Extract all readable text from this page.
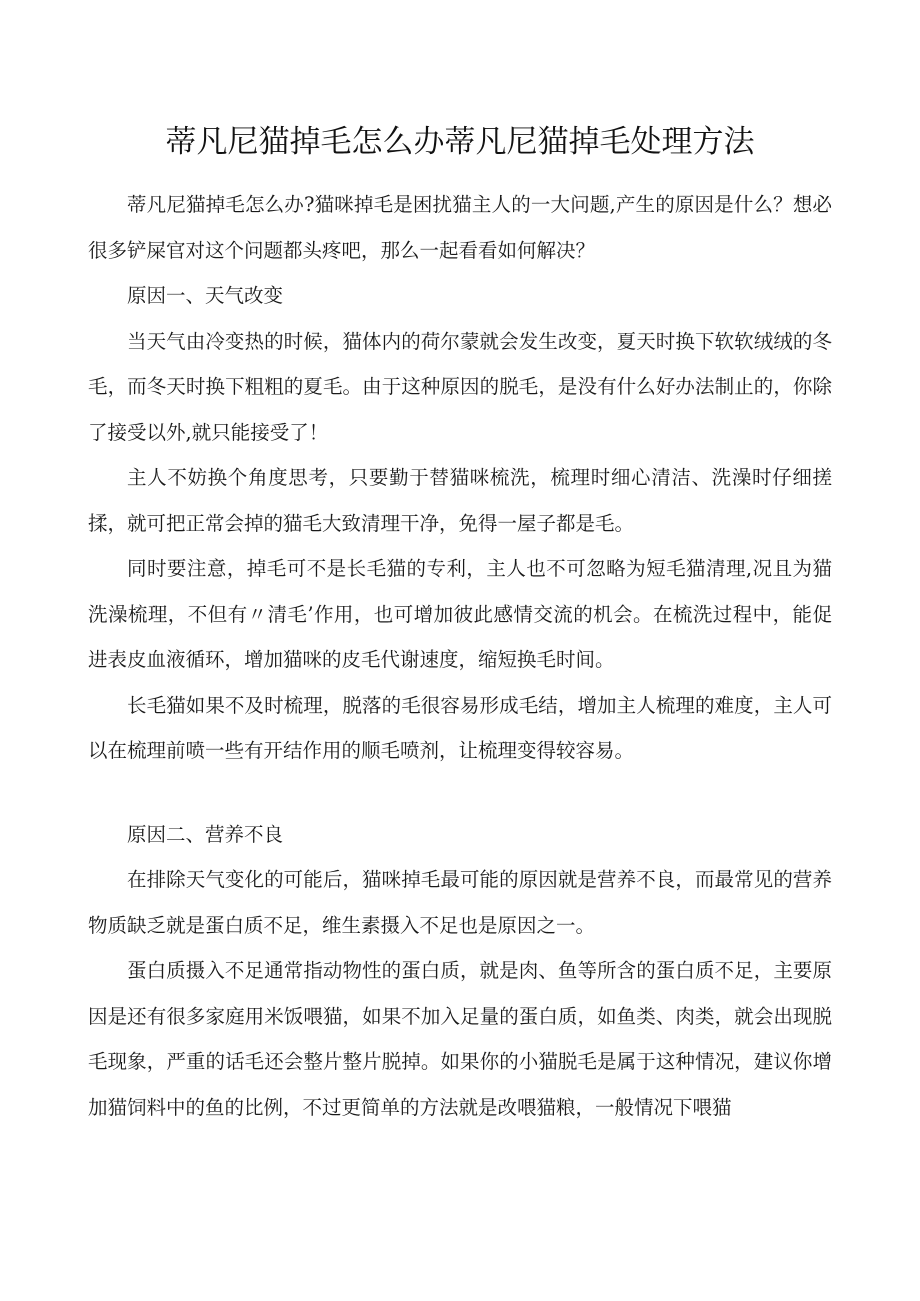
蒂凡尼猫掉毛怎么办蒂凡尼猫掉毛处理方法

蒂凡尼猫掉毛怎么办?猫咪掉毛是困扰猫主人的一大问题,产生的原因是什么？想必很多铲屎官对这个问题都头疼吧，那么一起看看如何解决？

原因一、天气改变

当天气由冷变热的时候，猫体内的荷尔蒙就会发生改变，夏天时换下软软绒绒的冬毛，而冬天时换下粗粗的夏毛。由于这种原因的脱毛，是没有什么好办法制止的，你除了接受以外,就只能接受了！

主人不妨换个角度思考，只要勤于替猫咪梳洗，梳理时细心清洁、洗澡时仔细搓揉，就可把正常会掉的猫毛大致清理干净，免得一屋子都是毛。

同时要注意，掉毛可不是长毛猫的专利，主人也不可忽略为短毛猫清理,况且为猫洗澡梳理，不但有〃清毛’作用，也可增加彼此感情交流的机会。在梳洗过程中，能促进表皮血液循环，增加猫咪的皮毛代谢速度，缩短换毛时间。

长毛猫如果不及时梳理，脱落的毛很容易形成毛结，增加主人梳理的难度，主人可以在梳理前喷一些有开结作用的顺毛喷剂，让梳理变得较容易。

原因二、营养不良

在排除天气变化的可能后，猫咪掉毛最可能的原因就是营养不良，而最常见的营养物质缺乏就是蛋白质不足，维生素摄入不足也是原因之一。

蛋白质摄入不足通常指动物性的蛋白质，就是肉、鱼等所含的蛋白质不足，主要原因是还有很多家庭用米饭喂猫，如果不加入足量的蛋白质，如鱼类、肉类，就会出现脱毛现象，严重的话毛还会整片整片脱掉。如果你的小猫脱毛是属于这种情况，建议你增加猫饲料中的鱼的比例，不过更简单的方法就是改喂猫粮，一般情况下喂猫
